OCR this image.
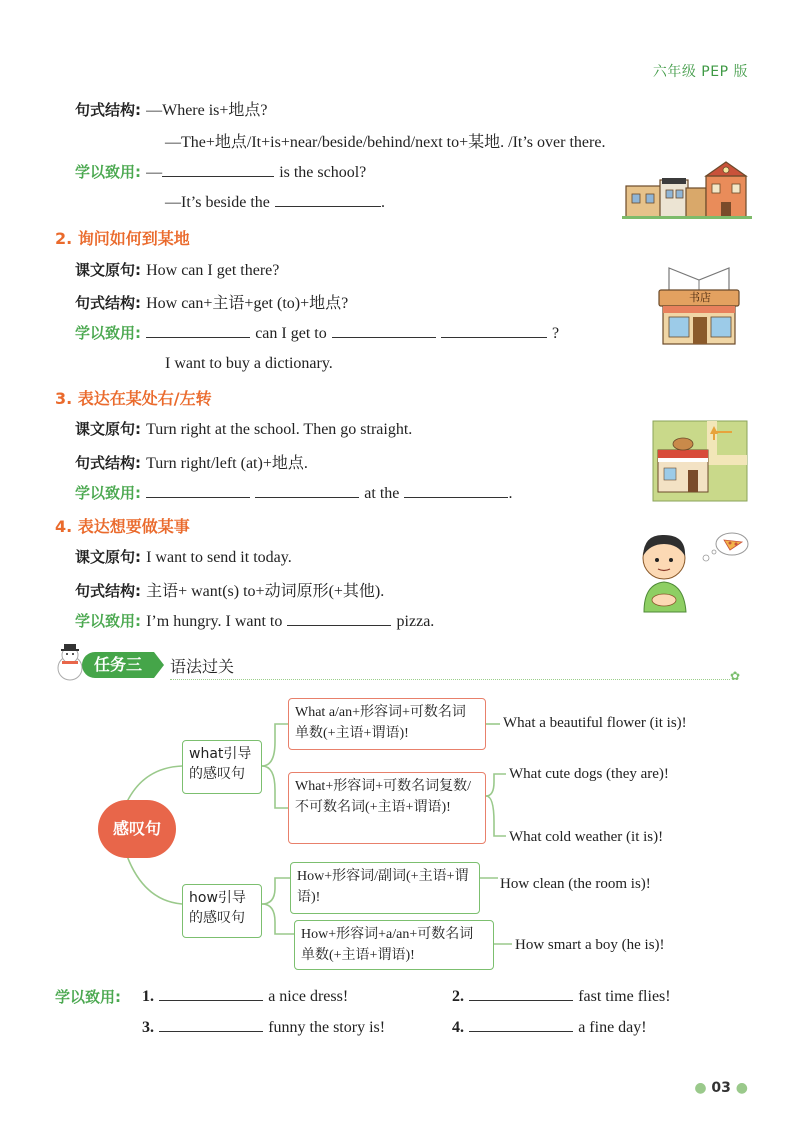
六年级 PEP 版
句式结构: —Where is+地点?
—The+地点/It+is+near/beside/behind/next to+某地. /It’s over there.
学以致用: —	is the school?
—It’s beside the	.
2. 询问如何到某地
课文原句: How can I get there?
句式结构: How can+主语+get (to)+地点?
学以致用:	can I get to	?
I want to buy a dictionary.
书店
3. 表达在某处右/左转
课文原句: Turn right at the school. Then go straight.
句式结构: Turn right/left (at)+地点.
学以致用:	at the	.
4. 表达想要做某事
课文原句: I want to send it today.
句式结构: 主语+ want(s) to+动词原形(+其他).
学以致用: I’m hungry. I want to	pizza.
任务三	语法过关	✿
感叹句
what引导的感叹句
how引导的感叹句
What a/an+形容词+可数名词单数(+主语+谓语)!
What+形容词+可数名词复数/不可数名词(+主语+谓语)!
How+形容词/副词(+主语+谓语)!
How+形容词+a/an+可数名词单数(+主语+谓语)!
What a beautiful flower (it is)!
What cute dogs (they are)!
What cold weather (it is)!
How clean (the room is)!
How smart a boy (he is)!
学以致用: 1.	a nice dress!	2.	fast time flies!
3.	funny the story is!	4.	a fine day!
● 03 ●
